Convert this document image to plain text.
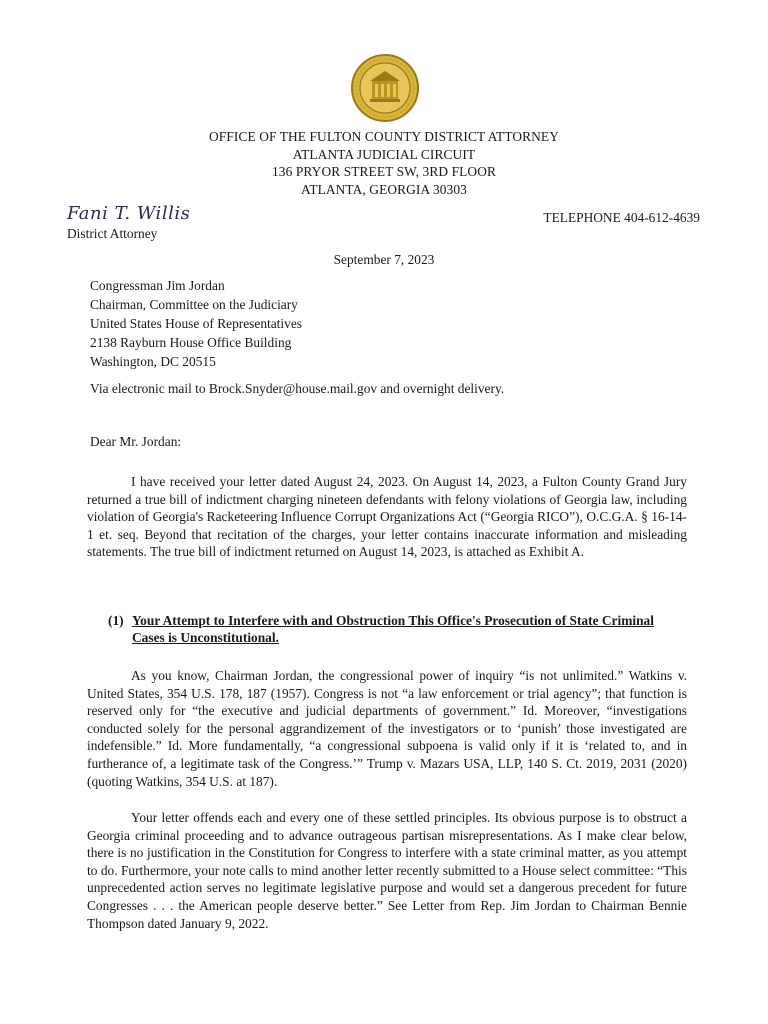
OFFICE OF THE FULTON COUNTY DISTRICT ATTORNEY
ATLANTA JUDICIAL CIRCUIT
136 PRYOR STREET SW, 3RD FLOOR
ATLANTA, GEORGIA 30303
Fani T. Willis
District Attorney
TELEPHONE 404-612-4639
September 7, 2023
Congressman Jim Jordan
Chairman, Committee on the Judiciary
United States House of Representatives
2138 Rayburn House Office Building
Washington, DC 20515
Via electronic mail to Brock.Snyder@house.mail.gov and overnight delivery.
Dear Mr. Jordan:
I have received your letter dated August 24, 2023. On August 14, 2023, a Fulton County Grand Jury returned a true bill of indictment charging nineteen defendants with felony violations of Georgia law, including violation of Georgia's Racketeering Influence Corrupt Organizations Act (“Georgia RICO”), O.C.G.A. § 16-14-1 et. seq. Beyond that recitation of the charges, your letter contains inaccurate information and misleading statements. The true bill of indictment returned on August 14, 2023, is attached as Exhibit A.
(1) Your Attempt to Interfere with and Obstruction This Office's Prosecution of State Criminal Cases is Unconstitutional.
As you know, Chairman Jordan, the congressional power of inquiry “is not unlimited.” Watkins v. United States, 354 U.S. 178, 187 (1957). Congress is not “a law enforcement or trial agency”; that function is reserved only for “the executive and judicial departments of government.” Id. Moreover, “investigations conducted solely for the personal aggrandizement of the investigators or to ‘punish’ those investigated are indefensible.” Id. More fundamentally, “a congressional subpoena is valid only if it is ‘related to, and in furtherance of, a legitimate task of the Congress.’” Trump v. Mazars USA, LLP, 140 S. Ct. 2019, 2031 (2020) (quoting Watkins, 354 U.S. at 187).
Your letter offends each and every one of these settled principles. Its obvious purpose is to obstruct a Georgia criminal proceeding and to advance outrageous partisan misrepresentations. As I make clear below, there is no justification in the Constitution for Congress to interfere with a state criminal matter, as you attempt to do. Furthermore, your note calls to mind another letter recently submitted to a House select committee: “This unprecedented action serves no legitimate legislative purpose and would set a dangerous precedent for future Congresses . . . the American people deserve better.” See Letter from Rep. Jim Jordan to Chairman Bennie Thompson dated January 9, 2022.
